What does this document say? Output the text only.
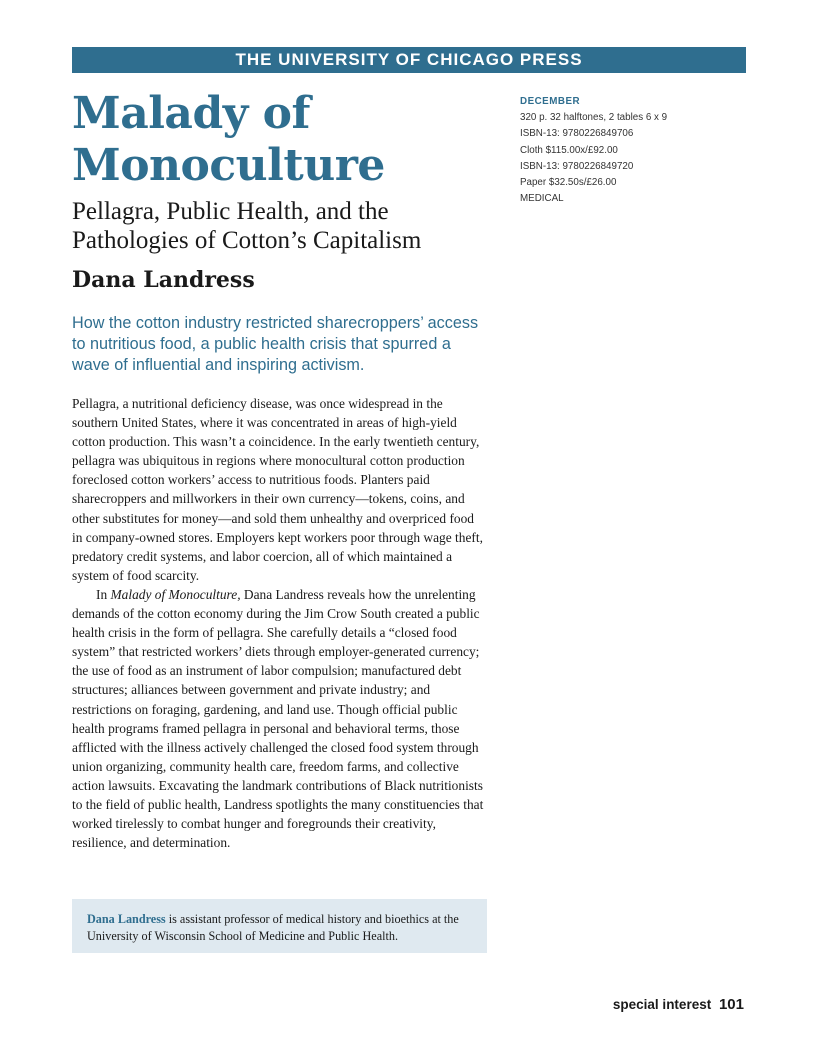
THE UNIVERSITY OF CHICAGO PRESS
Malady of
Monoculture
Pellagra, Public Health, and the
Pathologies of Cotton’s Capitalism
Dana Landress

How the cotton industry restricted sharecroppers’ access to nutritious food, a public health crisis that spurred a wave of influential and inspiring activism.

DECEMBER
320 p. 32 halftones, 2 tables 6 x 9
ISBN-13: 9780226849706
Cloth $115.00x/£92.00
ISBN-13: 9780226849720
Paper $32.50s/£26.00
MEDICAL

Pellagra, a nutritional deficiency disease, was once widespread in the southern United States, where it was concentrated in areas of high-yield cotton production. This wasn’t a coincidence. In the early twentieth century, pellagra was ubiquitous in regions where monocultural cotton production foreclosed cotton workers’ access to nutritious foods. Planters paid sharecroppers and millworkers in their own currency—tokens, coins, and other substitutes for money—and sold them unhealthy and overpriced food in company-owned stores. Employers kept workers poor through wage theft, predatory credit systems, and labor coercion, all of which maintained a system of food scarcity.

In Malady of Monoculture, Dana Landress reveals how the unrelenting demands of the cotton economy during the Jim Crow South created a public health crisis in the form of pellagra. She carefully details a “closed food system” that restricted workers’ diets through employer-generated currency; the use of food as an instrument of labor compulsion; manufactured debt structures; alliances between government and private industry; and restrictions on foraging, gardening, and land use. Though official public health programs framed pellagra in personal and behavioral terms, those afflicted with the illness actively challenged the closed food system through union organizing, community health care, freedom farms, and collective action lawsuits. Excavating the landmark contributions of Black nutritionists to the field of public health, Landress spotlights the many constituencies that worked tirelessly to combat hunger and foregrounds their creativity, resilience, and determination.

Dana Landress is assistant professor of medical history and bioethics at the University of Wisconsin School of Medicine and Public Health.
special interest 101
